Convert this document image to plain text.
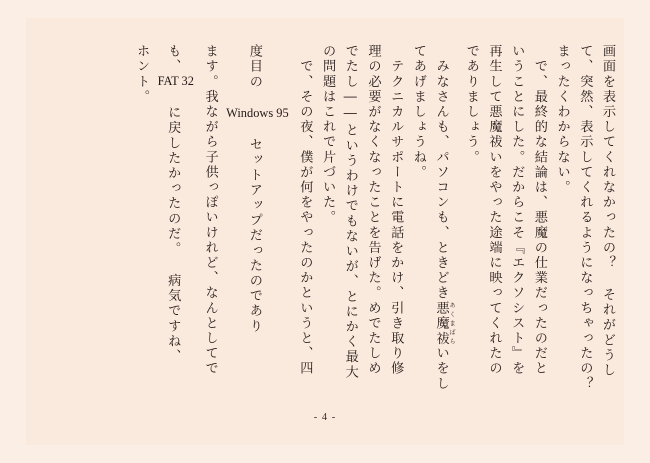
ホント。	も、FAT 32 に戻したかったのだ。 病気ですね、	ます。我ながら子供っぽいけれど、なんとしてで	度目の Windows 95 セットアップだったのであり	　で、その夜、僕が何をやったのかというと、四 の問題はこれで片づいた。 でたし――というわけでもないが、とにかく最大 理の必要がなくなったことを告げた。めでたしめ 　テクニカルサポートに電話をかけ、引き取り修 てあげましょうね。 　みなさんも、パソコンも、ときどき悪魔祓 あくまばらいをし
でありましょう。 再生して悪魔祓いをやった途端に映ってくれたの いうことにした。だからこそ『エクソシスト』を 　で、最終的な結論は、悪魔の仕業だったのだと まったくわからない。 て、突然、表示してくれるようになっちゃったの？ 画面を表示してくれなかったの？ それがどうし
- 4 -
